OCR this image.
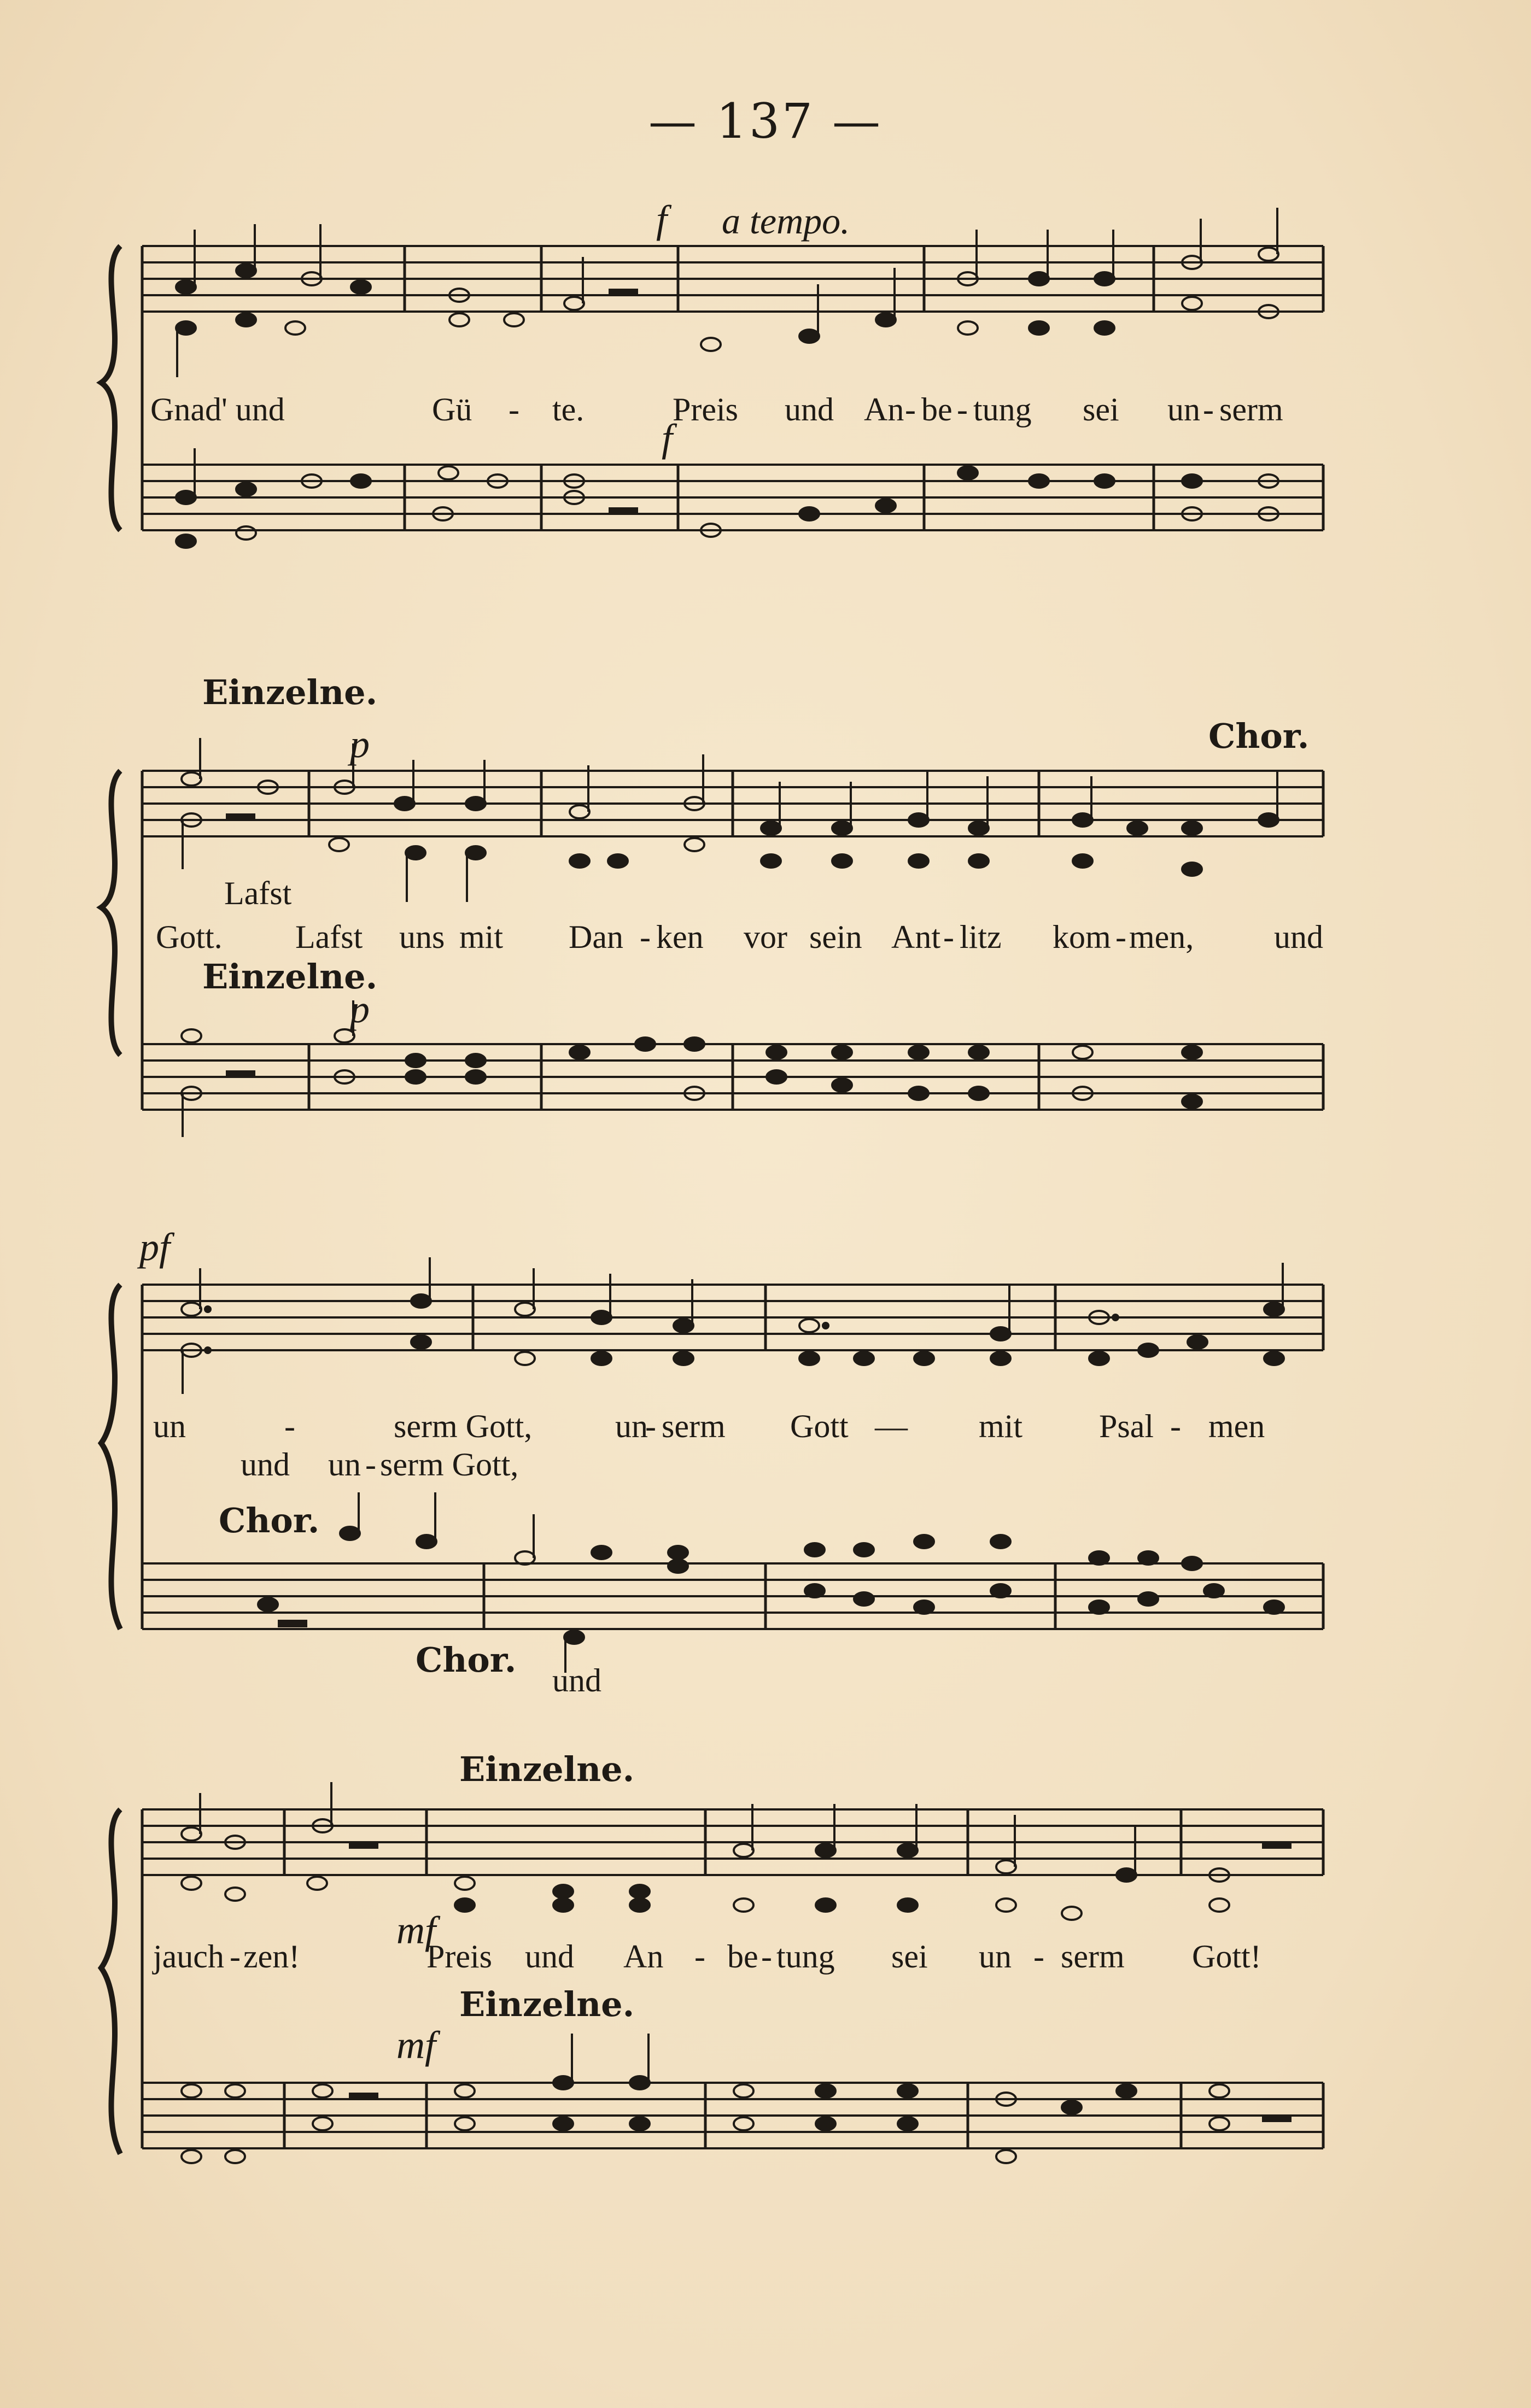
— 137 —
f a tempo.
f
Gnad' und	Gü - te.	Preis und An - be - tung sei un - serm
Einzelne.
Chor.
p
Lafst
Gott. Lafst uns mit Dan - ken vor sein Ant - litz kom - men, und
Einzelne.
p
pf
un	-	serm Gott,	un
- serm Gott — mit Psal - men
und un - serm Gott,
Chor.
Chor.
und
Einzelne.
mf
jauch - zen!	Preis und An - be - tung sei un - serm Gott!
Einzelne.
mf
